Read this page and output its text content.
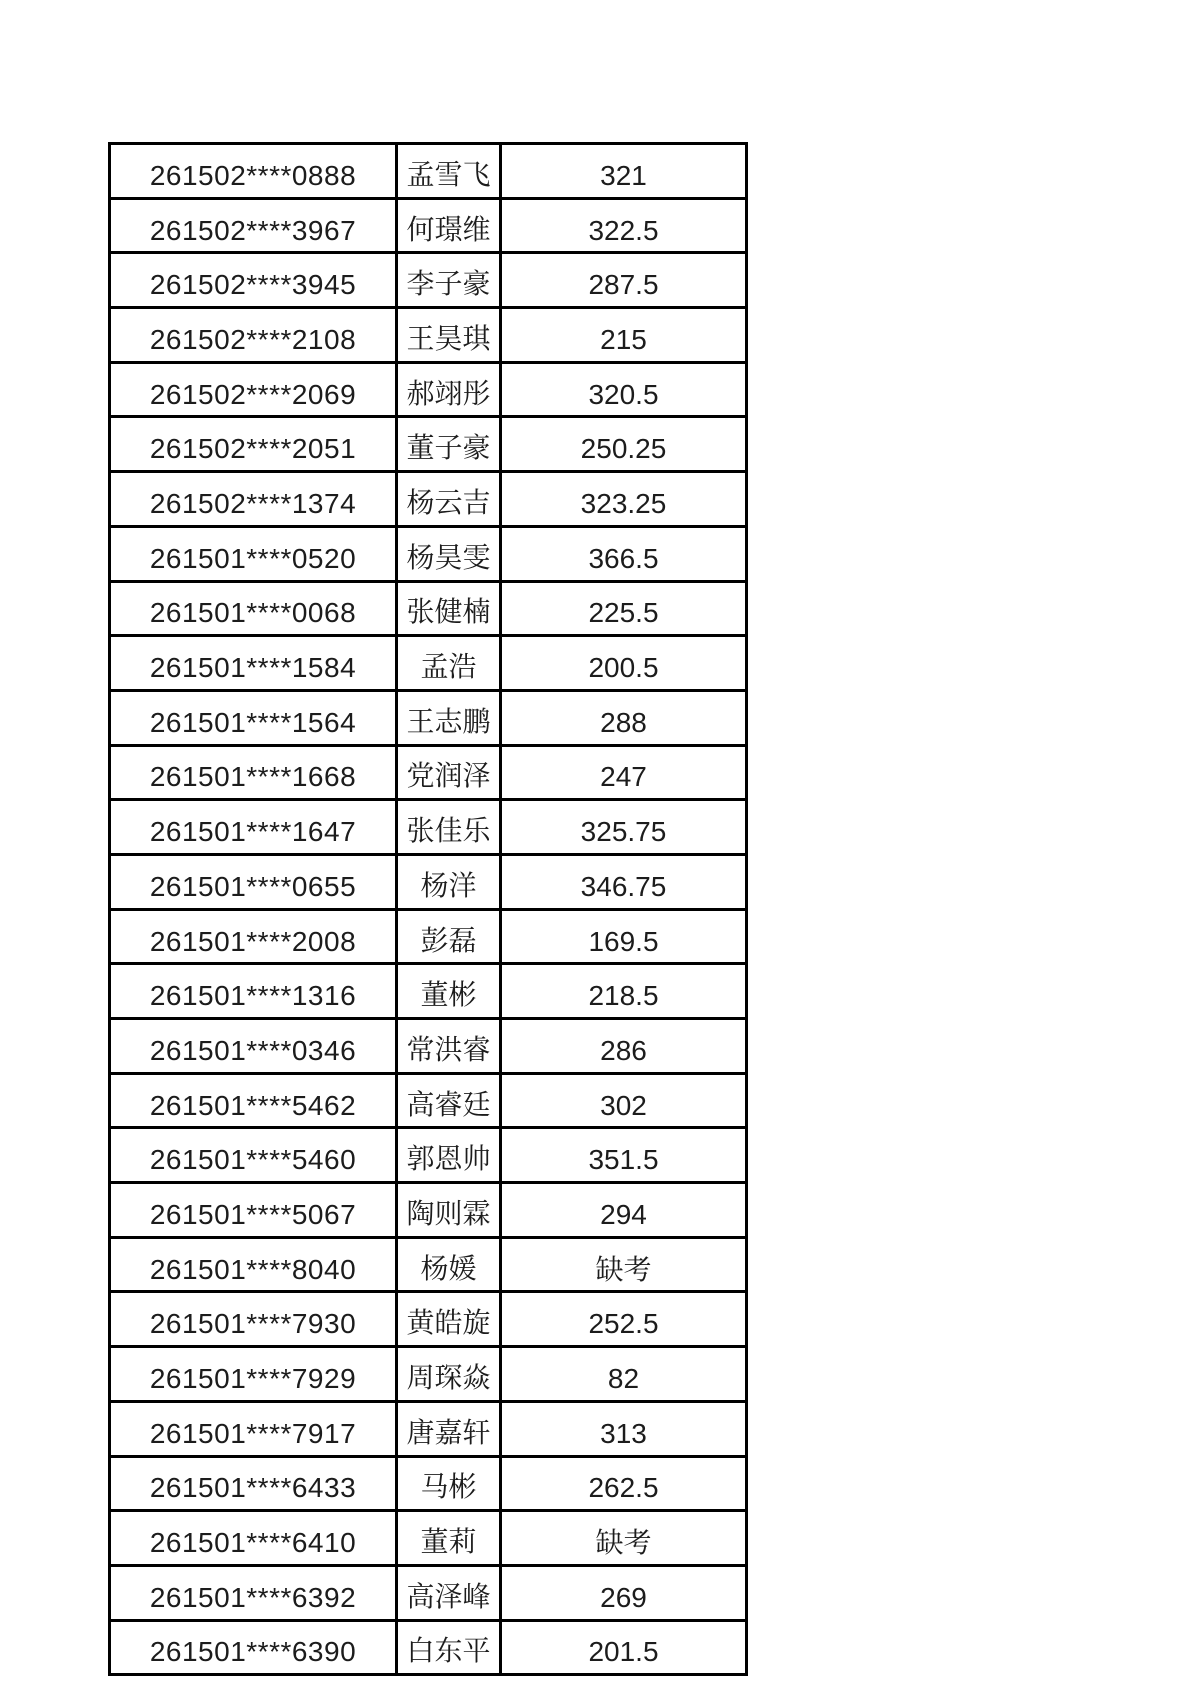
261502****0888	孟雪飞	321
261502****3967	何璟维	322.5
261502****3945	李子豪	287.5
261502****2108	王昊琪	215
261502****2069	郝翊彤	320.5
261502****2051	董子豪	250.25
261502****1374	杨云吉	323.25
261501****0520	杨昊雯	366.5
261501****0068	张健楠	225.5
261501****1584	孟浩	200.5
261501****1564	王志鹏	288
261501****1668	党润泽	247
261501****1647	张佳乐	325.75
261501****0655	杨洋	346.75
261501****2008	彭磊	169.5
261501****1316	董彬	218.5
261501****0346	常洪睿	286
261501****5462	高睿廷	302
261501****5460	郭恩帅	351.5
261501****5067	陶则霖	294
261501****8040	杨媛	缺考
261501****7930	黄皓旋	252.5
261501****7929	周琛焱	82
261501****7917	唐嘉轩	313
261501****6433	马彬	262.5
261501****6410	董莉	缺考
261501****6392	高泽峰	269
261501****6390	白东平	201.5
